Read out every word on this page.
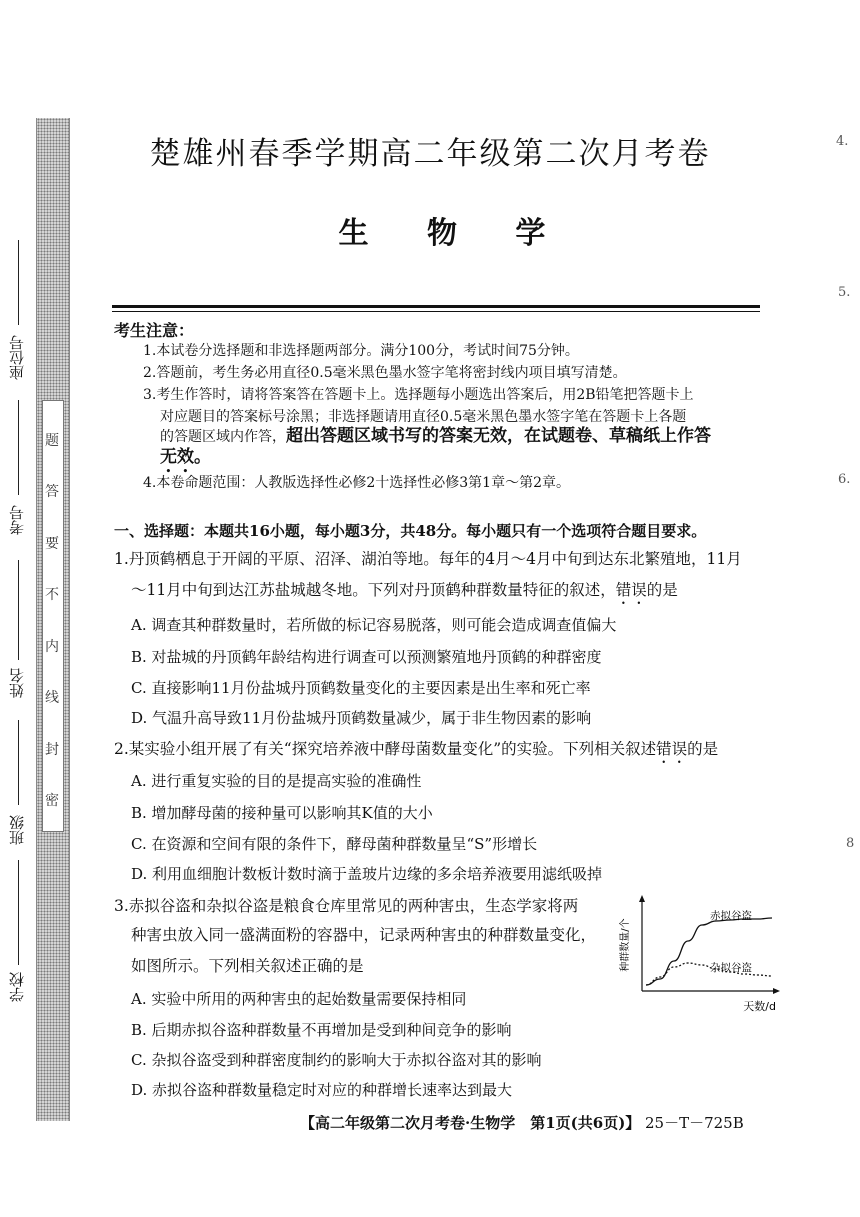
题
答
要
不
内
线
封
密
座位号
考号
姓名
班级
学校
楚雄州春季学期高二年级第二次月考卷
生 物 学
考生注意：
1.本试卷分选择题和非选择题两部分。满分100分，考试时间75分钟。
2.答题前，考生务必用直径0.5毫米黑色墨水签字笔将密封线内项目填写清楚。
3.考生作答时，请将答案答在答题卡上。选择题每小题选出答案后，用2B铅笔把答题卡上
对应题目的答案标号涂黑；非选择题请用直径0.5毫米黑色墨水签字笔在答题卡上各题
的答题区域内作答，超出答题区域书写的答案无效，在试题卷、草稿纸上作答
无效。
4.本卷命题范围：人教版选择性必修2十选择性必修3第1章～第2章。
一、选择题：本题共16小题，每小题3分，共48分。每小题只有一个选项符合题目要求。
1.丹顶鹤栖息于开阔的平原、沼泽、湖泊等地。每年的4月～4月中旬到达东北繁殖地，11月
～11月中旬到达江苏盐城越冬地。下列对丹顶鹤种群数量特征的叙述，错误的是
A. 调查其种群数量时，若所做的标记容易脱落，则可能会造成调查值偏大
B. 对盐城的丹顶鹤年龄结构进行调查可以预测繁殖地丹顶鹤的种群密度
C. 直接影响11月份盐城丹顶鹤数量变化的主要因素是出生率和死亡率
D. 气温升高导致11月份盐城丹顶鹤数量减少，属于非生物因素的影响
2.某实验小组开展了有关“探究培养液中酵母菌数量变化”的实验。下列相关叙述错误的是
A. 进行重复实验的目的是提高实验的准确性
B. 增加酵母菌的接种量可以影响其K值的大小
C. 在资源和空间有限的条件下，酵母菌种群数量呈“S”形增长
D. 利用血细胞计数板计数时滴于盖玻片边缘的多余培养液要用滤纸吸掉
3.赤拟谷盗和杂拟谷盗是粮食仓库里常见的两种害虫，生态学家将两
种害虫放入同一盛满面粉的容器中，记录两种害虫的种群数量变化，
如图所示。下列相关叙述正确的是
A. 实验中所用的两种害虫的起始数量需要保持相同
B. 后期赤拟谷盗种群数量不再增加是受到种间竞争的影响
C. 杂拟谷盗受到种群密度制约的影响大于赤拟谷盗对其的影响
D. 赤拟谷盗种群数量稳定时对应的种群增长速率达到最大
种群数量/个
天数/d
赤拟谷盗
杂拟谷盗
【高二年级第二次月考卷·生物学　第1页(共6页)】 25－T－725B
4.
5.
6.
8
